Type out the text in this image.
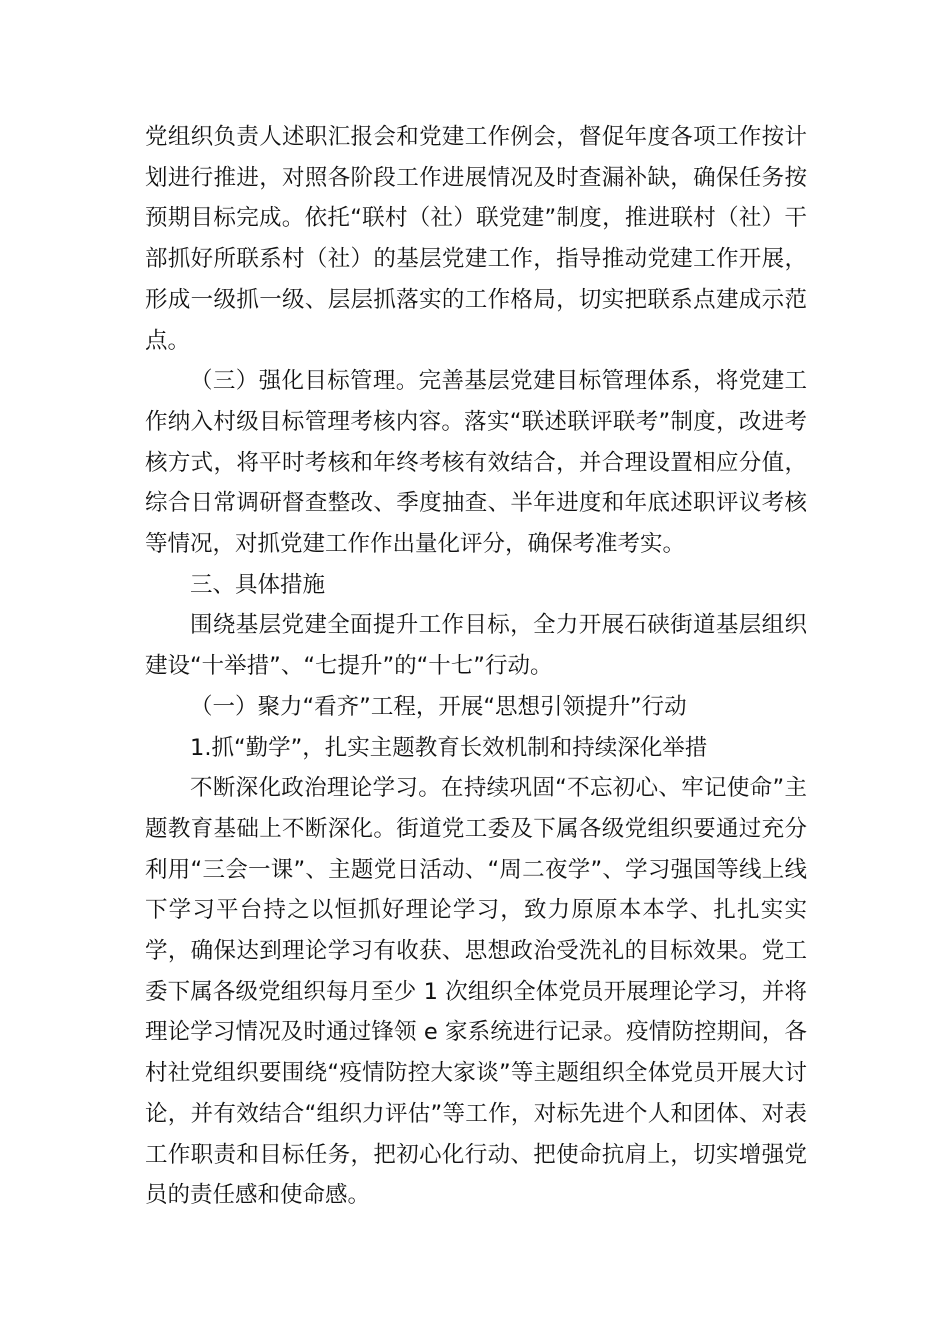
党组织负责人述职汇报会和党建工作例会，督促年度各项工作按计划进行推进，对照各阶段工作进展情况及时查漏补缺，确保任务按预期目标完成。依托“联村（社）联党建”制度，推进联村（社）干部抓好所联系村（社）的基层党建工作，指导推动党建工作开展，形成一级抓一级、层层抓落实的工作格局，切实把联系点建成示范点。

（三）强化目标管理。完善基层党建目标管理体系，将党建工作纳入村级目标管理考核内容。落实“联述联评联考”制度，改进考核方式，将平时考核和年终考核有效结合，并合理设置相应分值，综合日常调研督查整改、季度抽查、半年进度和年底述职评议考核等情况，对抓党建工作作出量化评分，确保考准考实。

三、具体措施

围绕基层党建全面提升工作目标，全力开展石硖街道基层组织建设“十举措”、“七提升”的“十七”行动。

（一）聚力“看齐”工程，开展“思想引领提升”行动

1.抓“勤学”，扎实主题教育长效机制和持续深化举措

不断深化政治理论学习。在持续巩固“不忘初心、牢记使命”主题教育基础上不断深化。街道党工委及下属各级党组织要通过充分利用“三会一课”、主题党日活动、“周二夜学”、学习强国等线上线下学习平台持之以恒抓好理论学习，致力原原本本学、扎扎实实学，确保达到理论学习有收获、思想政治受洗礼的目标效果。党工委下属各级党组织每月至少 1 次组织全体党员开展理论学习，并将理论学习情况及时通过锋领 e 家系统进行记录。疫情防控期间，各村社党组织要围绕“疫情防控大家谈”等主题组织全体党员开展大讨论，并有效结合“组织力评估”等工作，对标先进个人和团体、对表工作职责和目标任务，把初心化行动、把使命抗肩上，切实增强党员的责任感和使命感。
